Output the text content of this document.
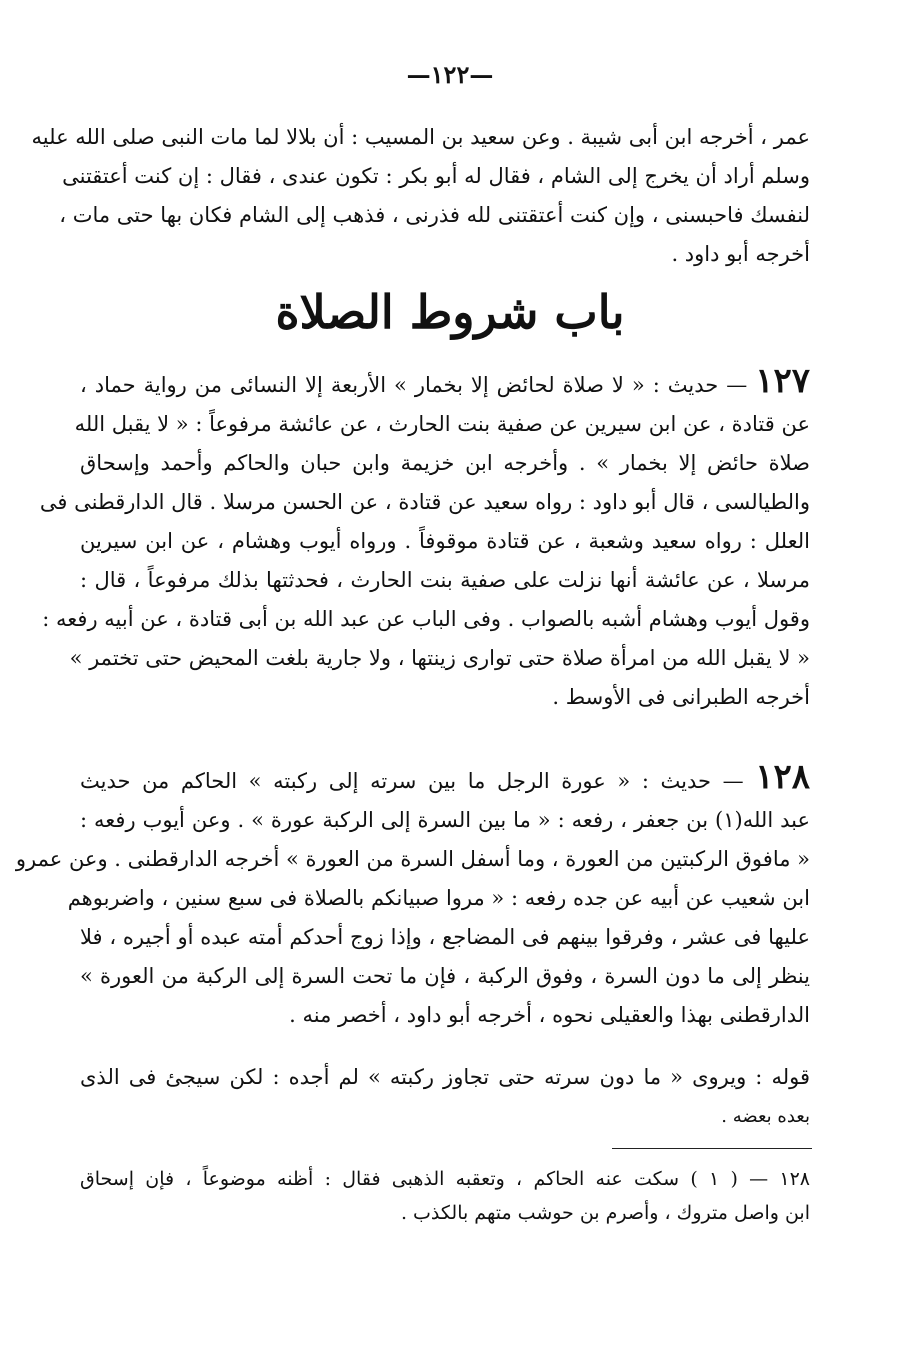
—١٢٢—
عمر ، أخرجه ابن أبى شيبة . وعن سعيد بن المسيب : أن بلالا لما مات النبى صلى الله عليه
وسلم أراد أن يخرج إلى الشام ، فقال له أبو بكر : تكون عندى ، فقال : إن كنت أعتقتنى
لنفسك فاحبسنى ، وإن كنت أعتقتنى لله فذرنى ، فذهب إلى الشام فكان بها حتى مات ،
أخرجه أبو داود .
باب شروط الصلاة
١٢٧ — حديث : « لا صلاة لحائض إلا بخمار » الأربعة إلا النسائى من رواية حماد ،
عن قتادة ، عن ابن سيرين عن صفية بنت الحارث ، عن عائشة مرفوعاً : « لا يقبل الله
صلاة حائض إلا بخمار » . وأخرجه ابن خزيمة وابن حبان والحاكم وأحمد وإسحاق
والطيالسى ، قال أبو داود : رواه سعيد عن قتادة ، عن الحسن مرسلا . قال الدارقطنى فى
العلل : رواه سعيد وشعبة ، عن قتادة موقوفاً . ورواه أيوب وهشام ، عن ابن سيرين
مرسلا ، عن عائشة أنها نزلت على صفية بنت الحارث ، فحدثتها بذلك مرفوعاً ، قال :
وقول أيوب وهشام أشبه بالصواب . وفى الباب عن عبد الله بن أبى قتادة ، عن أبيه رفعه :
« لا يقبل الله من امرأة صلاة حتى توارى زينتها ، ولا جارية بلغت المحيض حتى تختمر »
أخرجه الطبرانى فى الأوسط .
١٢٨ — حديث : « عورة الرجل ما بين سرته إلى ركبته » الحاكم من حديث
عبد الله(١) بن جعفر ، رفعه : « ما بين السرة إلى الركبة عورة » . وعن أيوب رفعه :
« مافوق الركبتين من العورة ، وما أسفل السرة من العورة » أخرجه الدارقطنى . وعن عمرو
ابن شعيب عن أبيه عن جده رفعه : « مروا صبيانكم بالصلاة فى سبع سنين ، واضربوهم
عليها فى عشر ، وفرقوا بينهم فى المضاجع ، وإذا زوج أحدكم أمته عبده أو أجيره ، فلا
ينظر إلى ما دون السرة ، وفوق الركبة ، فإن ما تحت السرة إلى الركبة من العورة »
الدارقطنى بهذا والعقيلى نحوه ، أخرجه أبو داود ، أخصر منه .
قوله : ويروى « ما دون سرته حتى تجاوز ركبته » لم أجده : لكن سيجئ فى الذى
بعده بعضه .
١٢٨ — ( ١ ) سكت عنه الحاكم ، وتعقبه الذهبى فقال : أظنه موضوعاً ، فإن إسحاق
ابن واصل متروك ، وأصرم بن حوشب متهم بالكذب .
